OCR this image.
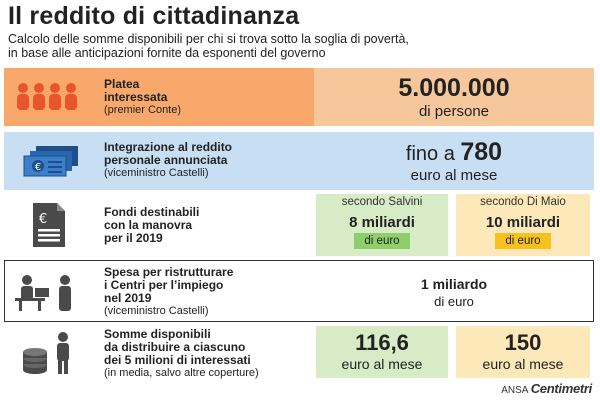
Il reddito di cittadinanza
Calcolo delle somme disponibili per chi si trova sotto la soglia di povertà,
in base alle anticipazioni fornite da esponenti del governo
Platea
interessata
(premier Conte)
5.000.000
di persone
€
Integrazione al reddito
personale annunciata
(viceministro Castelli)
fino a 780
euro al mese
€	Fondi destinabili
con la manovra
per il 2019
secondo Salvini
8 miliardi
di euro
secondo Di Maio
10 miliardi
di euro
Spesa per ristrutturare
i Centri per l’impiego
nel 2019
(viceministro Castelli)
1 miliardo
di euro
Somme disponibili
da distribuire a ciascuno
dei 5 milioni di interessati
(in media, salvo altre coperture)
116,6
euro al mese
150
euro al mese
ANSA Centimetri
